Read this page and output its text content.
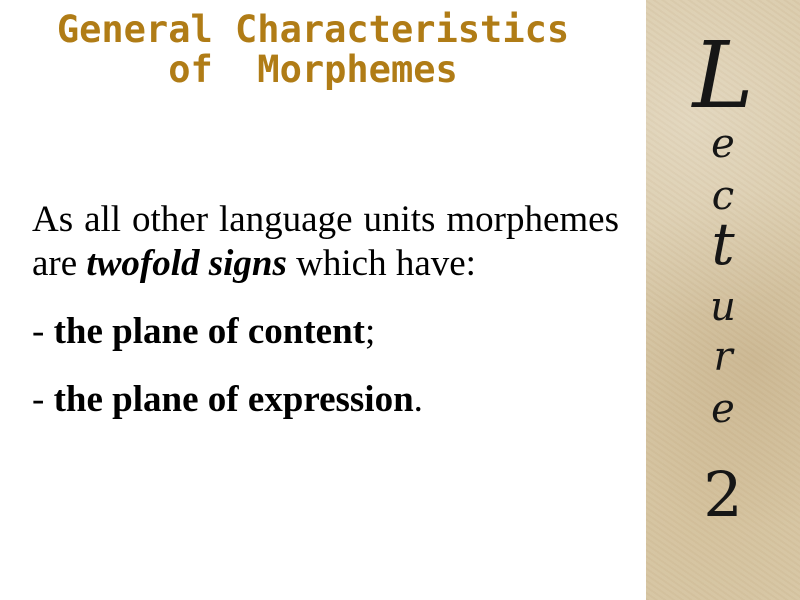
General Characteristics
of  Morphemes

As all other language units morphemes are twofold signs which have:

- the plane of content;

- the plane of expression.

L
e
c
t
u
r
e
2
